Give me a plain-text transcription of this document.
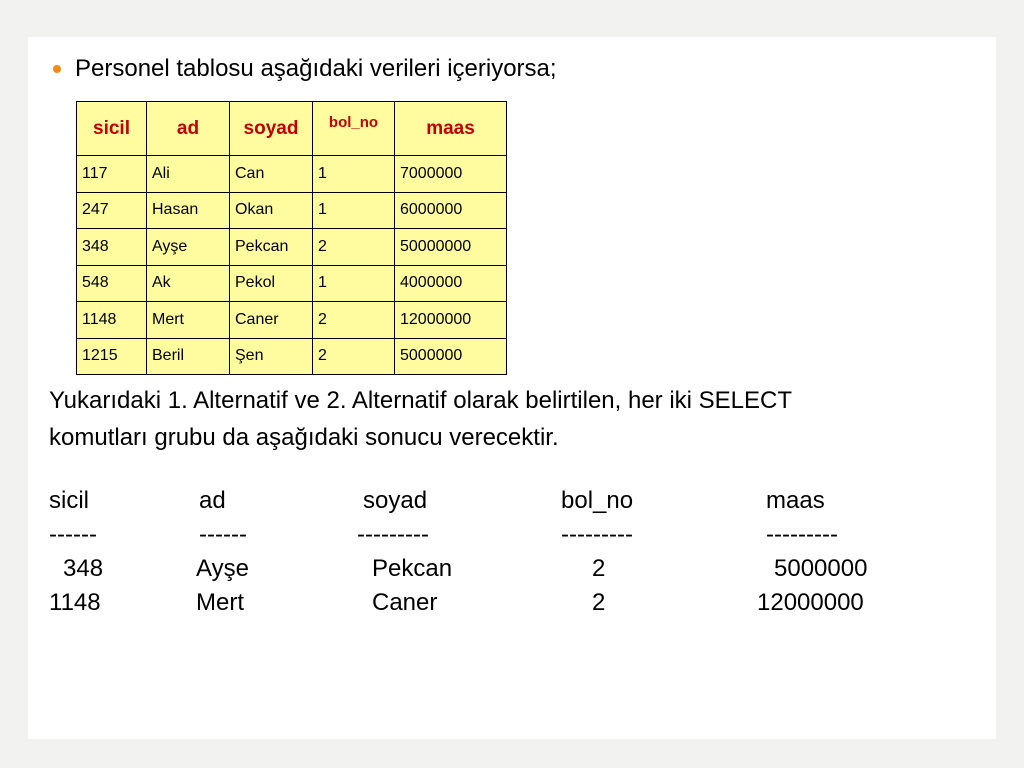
Personel tablosu aşağıdaki verileri içeriyorsa;
sicil	ad	soyad	bol_no	maas
117	Ali	Can	1	7000000
247	Hasan	Okan	1	6000000
348	Ayşe	Pekcan	2	50000000
548	Ak	Pekol	1	4000000
1148	Mert	Caner	2	12000000
1215	Beril	Şen	2	5000000
Yukarıdaki 1. Alternatif ve 2. Alternatif olarak belirtilen, her iki SELECT
komutları grubu da aşağıdaki sonucu verecektir.
sicil	ad	soyad	bol_no	maas
------	------	---------	---------	---------
348	Ayşe	Pekcan	2	5000000
1148	Mert	Caner	2	12000000
